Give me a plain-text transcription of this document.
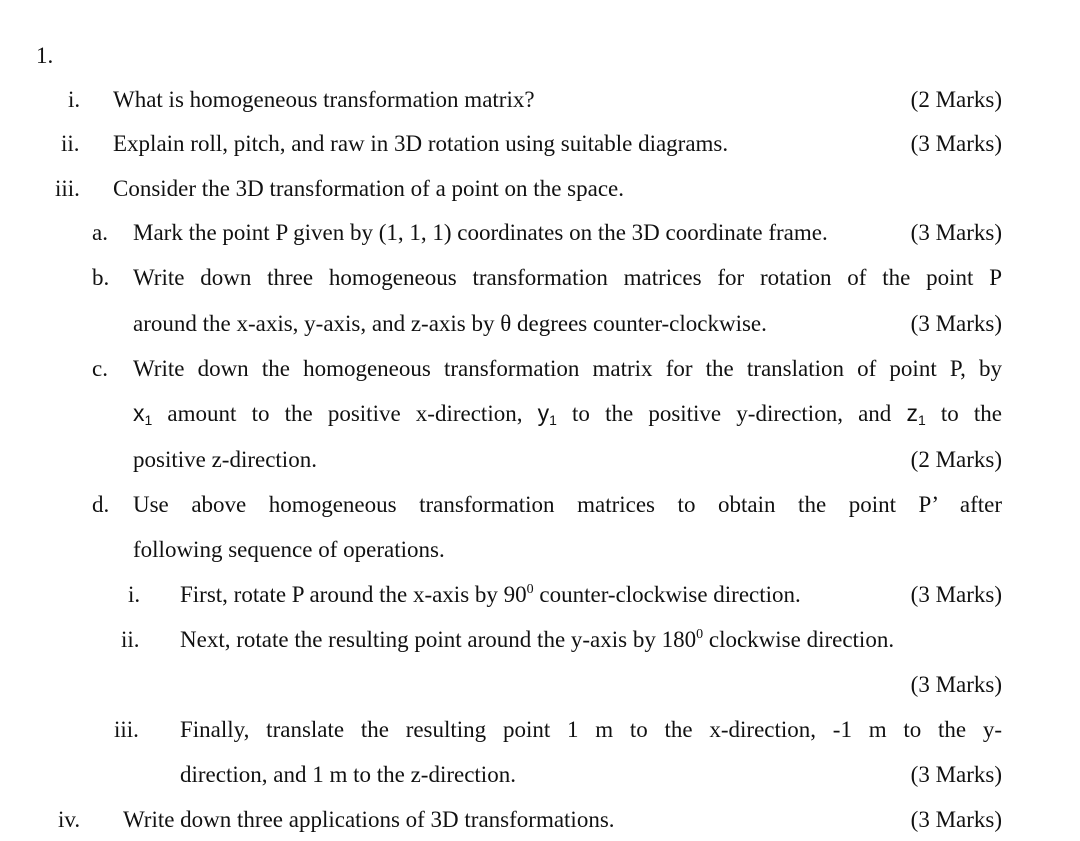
1.
i. What is homogeneous transformation matrix?	(2 Marks)
ii. Explain roll, pitch, and raw in 3D rotation using suitable diagrams.	(3 Marks)
iii. Consider the 3D transformation of a point on the space.
a. Mark the point P given by (1, 1, 1) coordinates on the 3D coordinate frame.	(3 Marks)
b. Write down three homogeneous transformation matrices for rotation of the point P
around the x-axis, y-axis, and z-axis by θ degrees counter-clockwise.	(3 Marks)
c. Write down the homogeneous transformation matrix for the translation of point P, by
$x_1$ amount to the positive x-direction, $y_1$ to the positive y-direction, and $z_1$ to the
positive z-direction.	(2 Marks)
d. Use above homogeneous transformation matrices to obtain the point P’ after
following sequence of operations.
i. First, rotate P around the x-axis by $90^0$ counter-clockwise direction.	(3 Marks)
ii. Next, rotate the resulting point around the y-axis by $180^0$ clockwise direction.
(3 Marks)
iii. Finally, translate the resulting point 1 m to the x-direction, -1 m to the y-
direction, and 1 m to the z-direction.	(3 Marks)
iv. Write down three applications of 3D transformations.	(3 Marks)
